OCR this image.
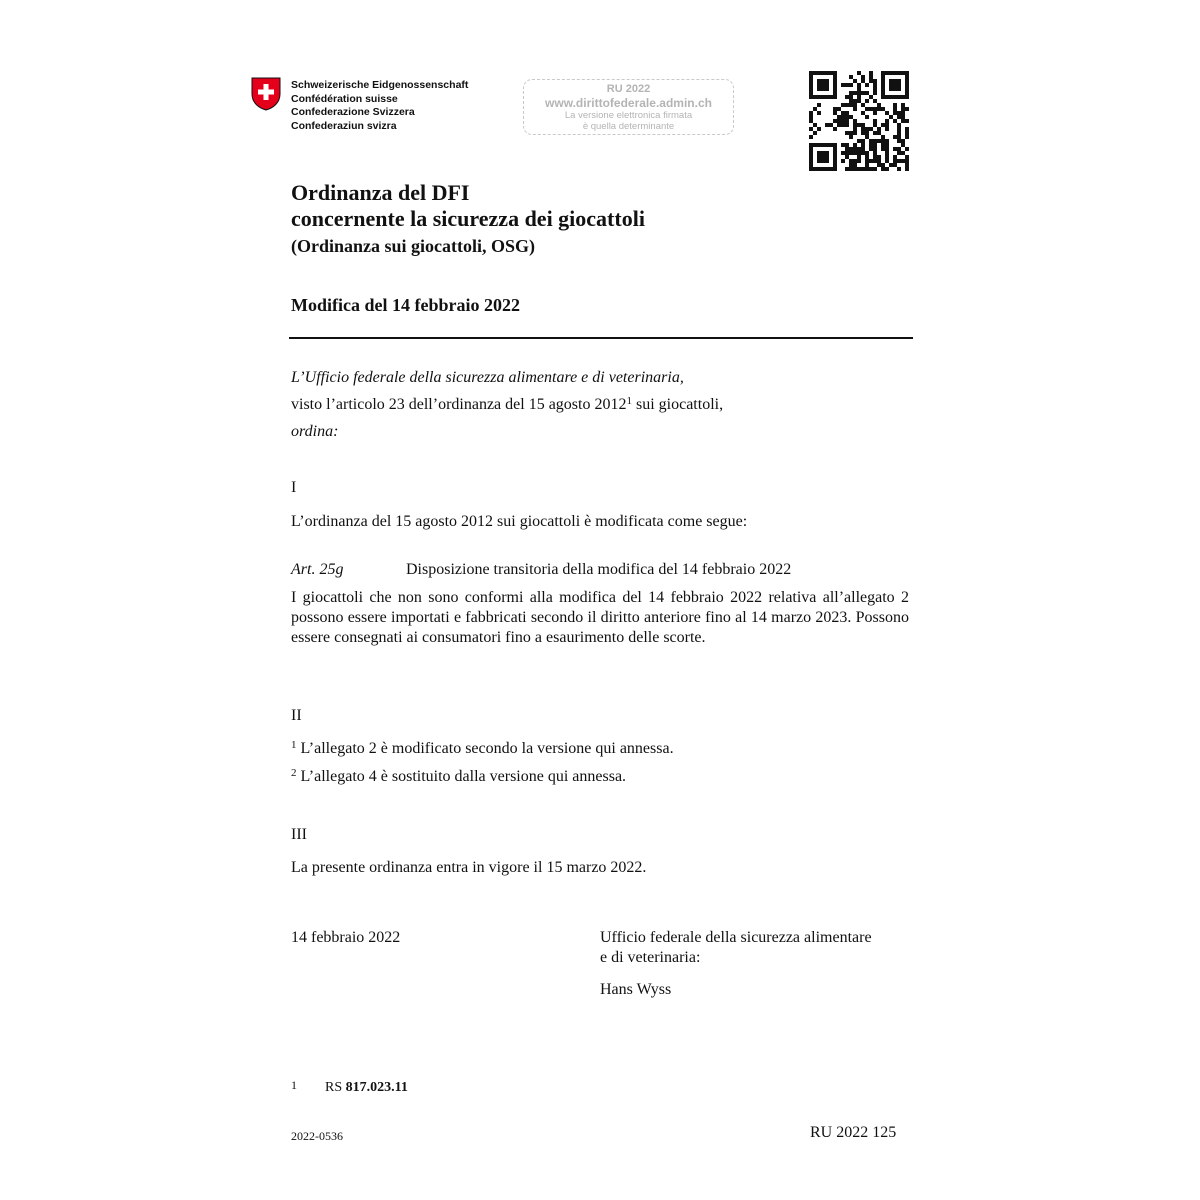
Schweizerische Eidgenossenschaft
Confédération suisse
Confederazione Svizzera
Confederaziun svizra
RU 2022
www.dirittofederale.admin.ch
La versione elettronica firmata
è quella determinante
Ordinanza del DFI
concernente la sicurezza dei giocattoli
(Ordinanza sui giocattoli, OSG)
Modifica del 14 febbraio 2022
L’Ufficio federale della sicurezza alimentare e di veterinaria,
visto l’articolo 23 dell’ordinanza del 15 agosto 2012$^1$ sui giocattoli,
ordina:
I
L’ordinanza del 15 agosto 2012 sui giocattoli è modificata come segue:
Art. 25g	Disposizione transitoria della modifica del 14 febbraio 2022
I giocattoli che non sono conformi alla modifica del 14 febbraio 2022 relativa all’allegato 2 possono essere importati e fabbricati secondo il diritto anteriore fino al 14 marzo 2023. Possono essere consegnati ai consumatori fino a esaurimento delle scorte.
II
$^1$ L’allegato 2 è modificato secondo la versione qui annessa.
$^2$ L’allegato 4 è sostituito dalla versione qui annessa.
III
La presente ordinanza entra in vigore il 15 marzo 2022.
14 febbraio 2022	Ufficio federale della sicurezza alimentare
e di veterinaria:
Hans Wyss
1 RS 817.023.11
2022-0536	RU 2022 125
